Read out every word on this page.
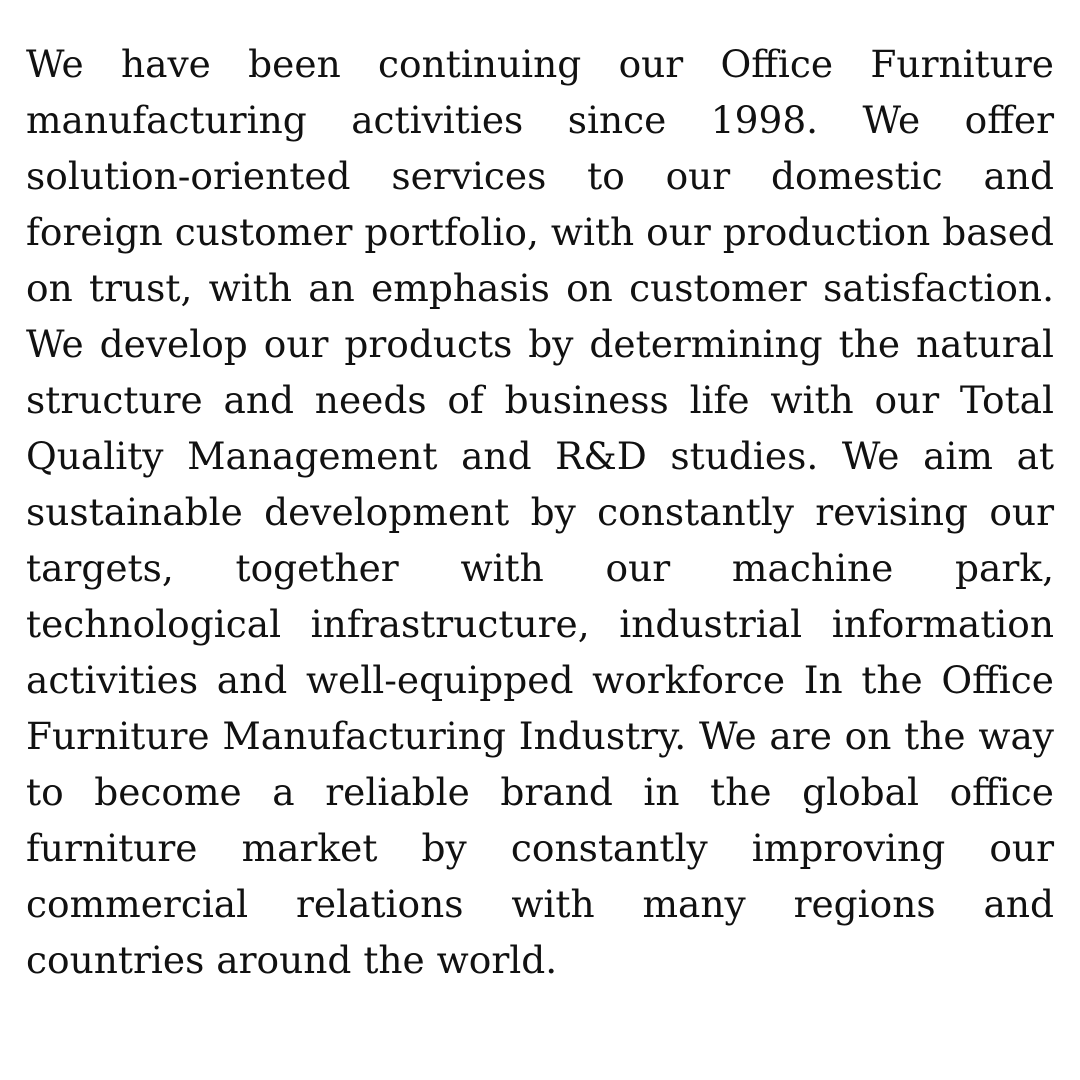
We have been continuing our Office Furniture manufacturing activities since 1998. We offer solution-oriented services to our domestic and foreign customer portfolio, with our production based on trust, with an emphasis on customer satisfaction. We develop our products by determining the natural structure and needs of business life with our Total Quality Management and R&D studies. We aim at sustainable development by constantly revising our targets, together with our machine park, technological infrastructure, industrial information activities and well-equipped workforce In the Office Furniture Manufacturing Industry. We are on the way to become a reliable brand in the global office furniture market by constantly improving our commercial relations with many regions and countries around the world.
